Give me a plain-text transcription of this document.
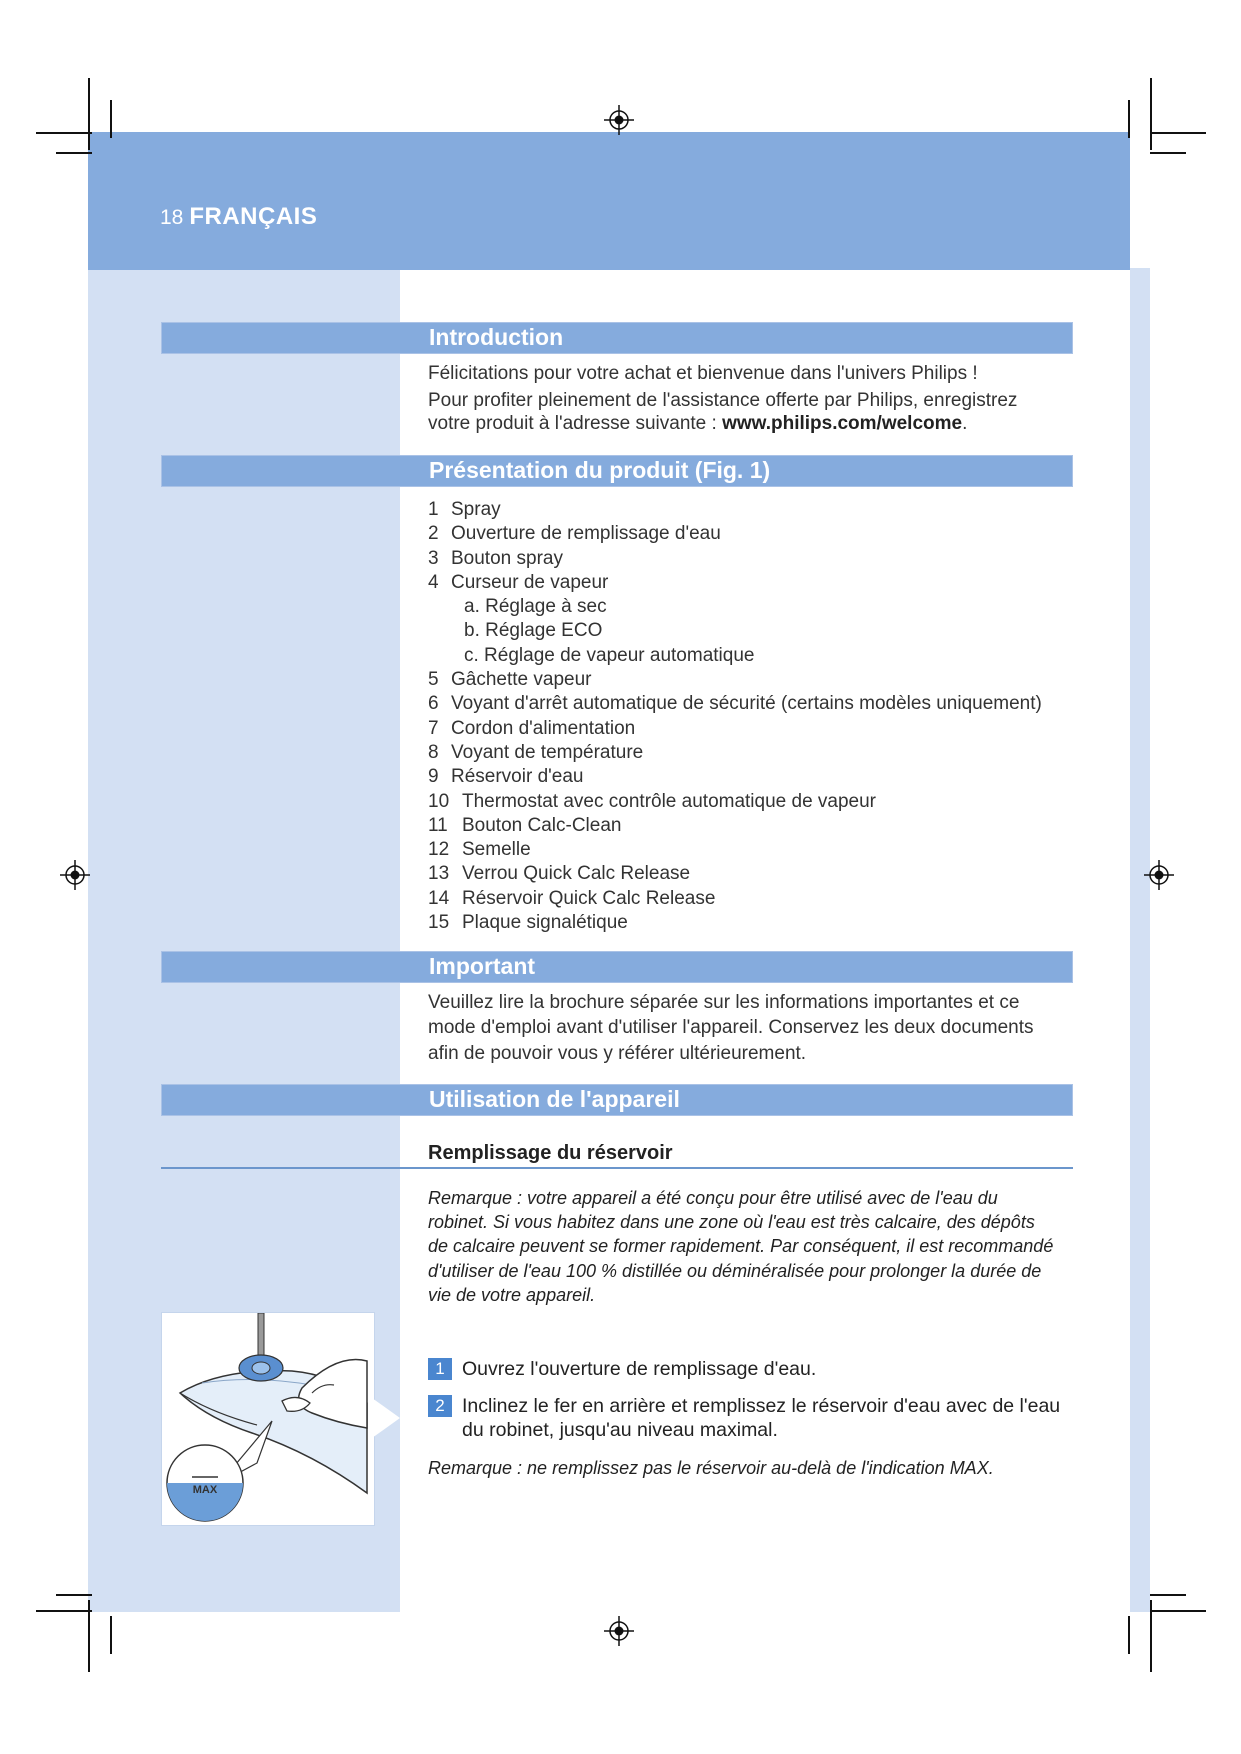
18 FRANÇAIS
Introduction
Félicitations pour votre achat et bienvenue dans l'univers Philips !
Pour profiter pleinement de l'assistance offerte par Philips, enregistrez
votre produit à l'adresse suivante : www.philips.com/welcome.
Présentation du produit (Fig. 1)
1 Spray
2 Ouverture de remplissage d'eau
3 Bouton spray
4 Curseur de vapeur
a. Réglage à sec
b. Réglage ECO
c. Réglage de vapeur automatique
5 Gâchette vapeur
6 Voyant d'arrêt automatique de sécurité (certains modèles uniquement)
7 Cordon d'alimentation
8 Voyant de température
9 Réservoir d'eau
10 Thermostat avec contrôle automatique de vapeur
11 Bouton Calc-Clean
12 Semelle
13 Verrou Quick Calc Release
14 Réservoir Quick Calc Release
15 Plaque signalétique
Important
Veuillez lire la brochure séparée sur les informations importantes et ce
mode d'emploi avant d'utiliser l'appareil. Conservez les deux documents
afin de pouvoir vous y référer ultérieurement.
Utilisation de l'appareil
Remplissage du réservoir
Remarque : votre appareil a été conçu pour être utilisé avec de l'eau du
robinet. Si vous habitez dans une zone où l'eau est très calcaire, des dépôts
de calcaire peuvent se former rapidement. Par conséquent, il est recommandé
d'utiliser de l'eau 100 % distillée ou déminéralisée pour prolonger la durée de
vie de votre appareil.
1 Ouvrez l'ouverture de remplissage d'eau.
2 Inclinez le fer en arrière et remplissez le réservoir d'eau avec de l'eau
du robinet, jusqu'au niveau maximal.
Remarque : ne remplissez pas le réservoir au-delà de l'indication MAX.
MAX
